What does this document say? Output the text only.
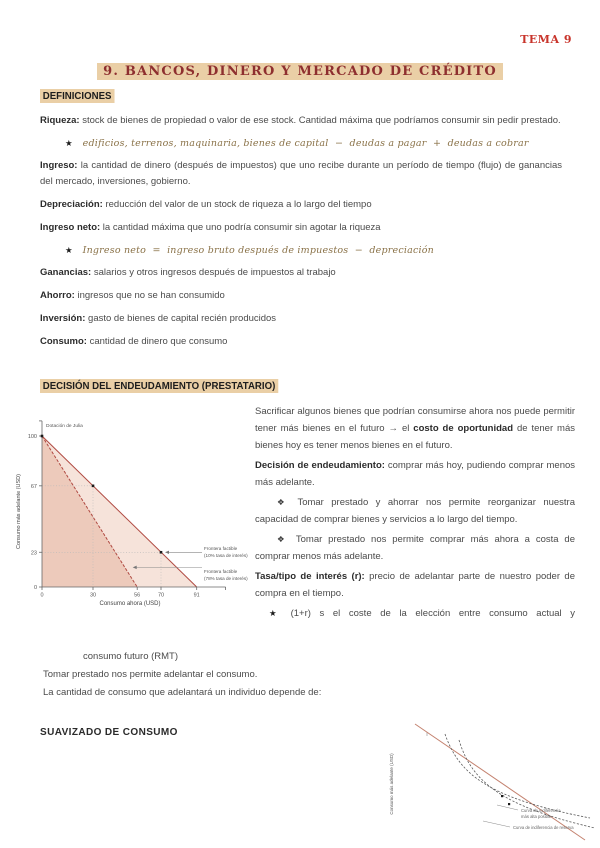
TEMA 9
9. BANCOS, DINERO Y MERCADO DE CRÉDITO
DEFINICIONES

Riqueza: stock de bienes de propiedad o valor de ese stock. Cantidad máxima que podríamos consumir sin pedir prestado.

★ edificios, terrenos, maquinaria, bienes de capital  −  deudas a pagar  +  deudas a cobrar

Ingreso: la cantidad de dinero (después de impuestos) que uno recibe durante un período de tiempo (flujo) de ganancias del mercado, inversiones, gobierno.

Depreciación: reducción del valor de un stock de riqueza a lo largo del tiempo

Ingreso neto: la cantidad máxima que uno podría consumir sin agotar la riqueza

★ Ingreso neto  =  ingreso bruto después de impuestos  −  depreciación

Ganancias: salarios y otros ingresos después de impuestos al trabajo

Ahorro: ingresos que no se han consumido

Inversión: gasto de bienes de capital recién producidos

Consumo: cantidad de dinero que consumo

DECISIÓN DEL ENDEUDAMIENTO (PRESTATARIO)
0	30	56	70	91
0
23
67
100
Consumo ahora (USD)
Consumo más adelante (USD)
Dotación de Julia
Frontera factible
(10% tasa de interés)
Frontera factible
(78% tasa de interés)

Sacrificar algunos bienes que podrían consumirse ahora nos puede permitir tener más bienes en el futuro → el costo de oportunidad de tener más bienes hoy es tener menos bienes en el futuro.

Decisión de endeudamiento: comprar más hoy, pudiendo comprar menos más adelante.

❖ Tomar prestado y ahorrar nos permite reorganizar nuestra capacidad de comprar bienes y servicios a lo largo del tiempo.

❖ Tomar prestado nos permite comprar más ahora a costa de comprar menos más adelante.

Tasa/tipo de interés (r): precio de adelantar parte de nuestro poder de compra en el tiempo.

★ (1+r) s el coste de la elección entre consumo actual y

consumo futuro (RMT)

Tomar prestado nos permite adelantar el consumo.

La cantidad de consumo que adelantará un individuo depende de:

SUAVIZADO DE CONSUMO
Consumo más adelante (USD)	Curva de indiferencia
más alta posible
Curva de indiferencia de reserva
